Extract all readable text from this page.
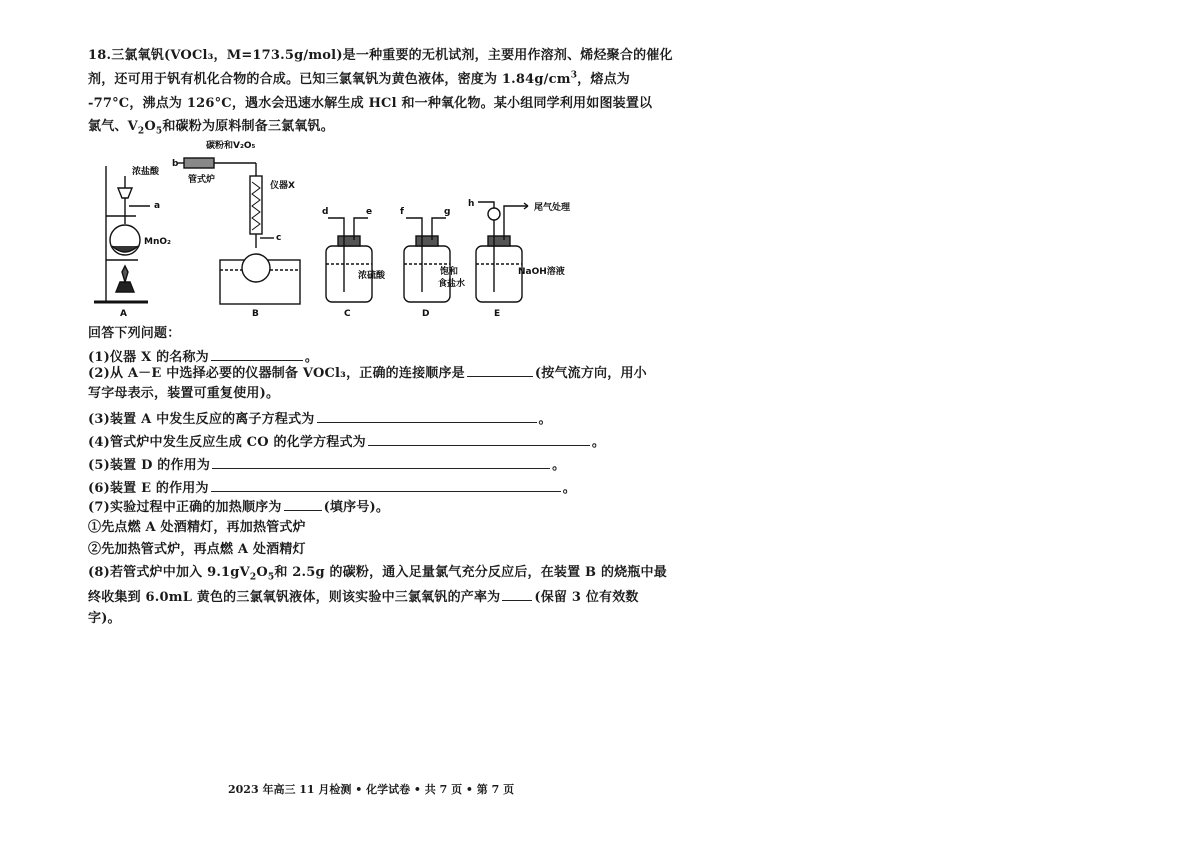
18.三氯氧钒(VOCl₃，M=173.5g/mol)是一种重要的无机试剂，主要用作溶剂、烯烃聚合的催化
剂，还可用于钒有机化合物的合成。已知三氯氧钒为黄色液体，密度为 $1.84g/cm^3$，熔点为
-77°C，沸点为 126°C，遇水会迅速水解生成 HCl 和一种氧化物。某小组同学利用如图装置以
氯气、$V_2O_5$和碳粉为原料制备三氯氧钒。
浓盐酸
a
MnO₂
b
碳粉和V₂O₅
管式炉
仪器X
c
d	e	f	g
h
浓硫酸	饱和
食盐水
NaOH溶液
尾气处理
A	B	C	D	E
回答下列问题：
(1)仪器 X 的名称为	。
(2)从 A－E 中选择必要的仪器制备 VOCl₃，正确的连接顺序是	(按气流方向，用小
写字母表示，装置可重复使用)。
(3)装置 A 中发生反应的离子方程式为	。
(4)管式炉中发生反应生成 CO 的化学方程式为	。
(5)装置 D 的作用为	。
(6)装置 E 的作用为	。
(7)实验过程中正确的加热顺序为	(填序号)。
①先点燃 A 处酒精灯，再加热管式炉
②先加热管式炉，再点燃 A 处酒精灯
(8)若管式炉中加入 $9.1gV_2O_5$和 2.5g 的碳粉，通入足量氯气充分反应后，在装置 B 的烧瓶中最
终收集到 6.0mL 黄色的三氯氧钒液体，则该实验中三氯氧钒的产率为	(保留 3 位有效数
字)。
2023 年高三 11 月检测 • 化学试卷 • 共 7 页 • 第 7 页
